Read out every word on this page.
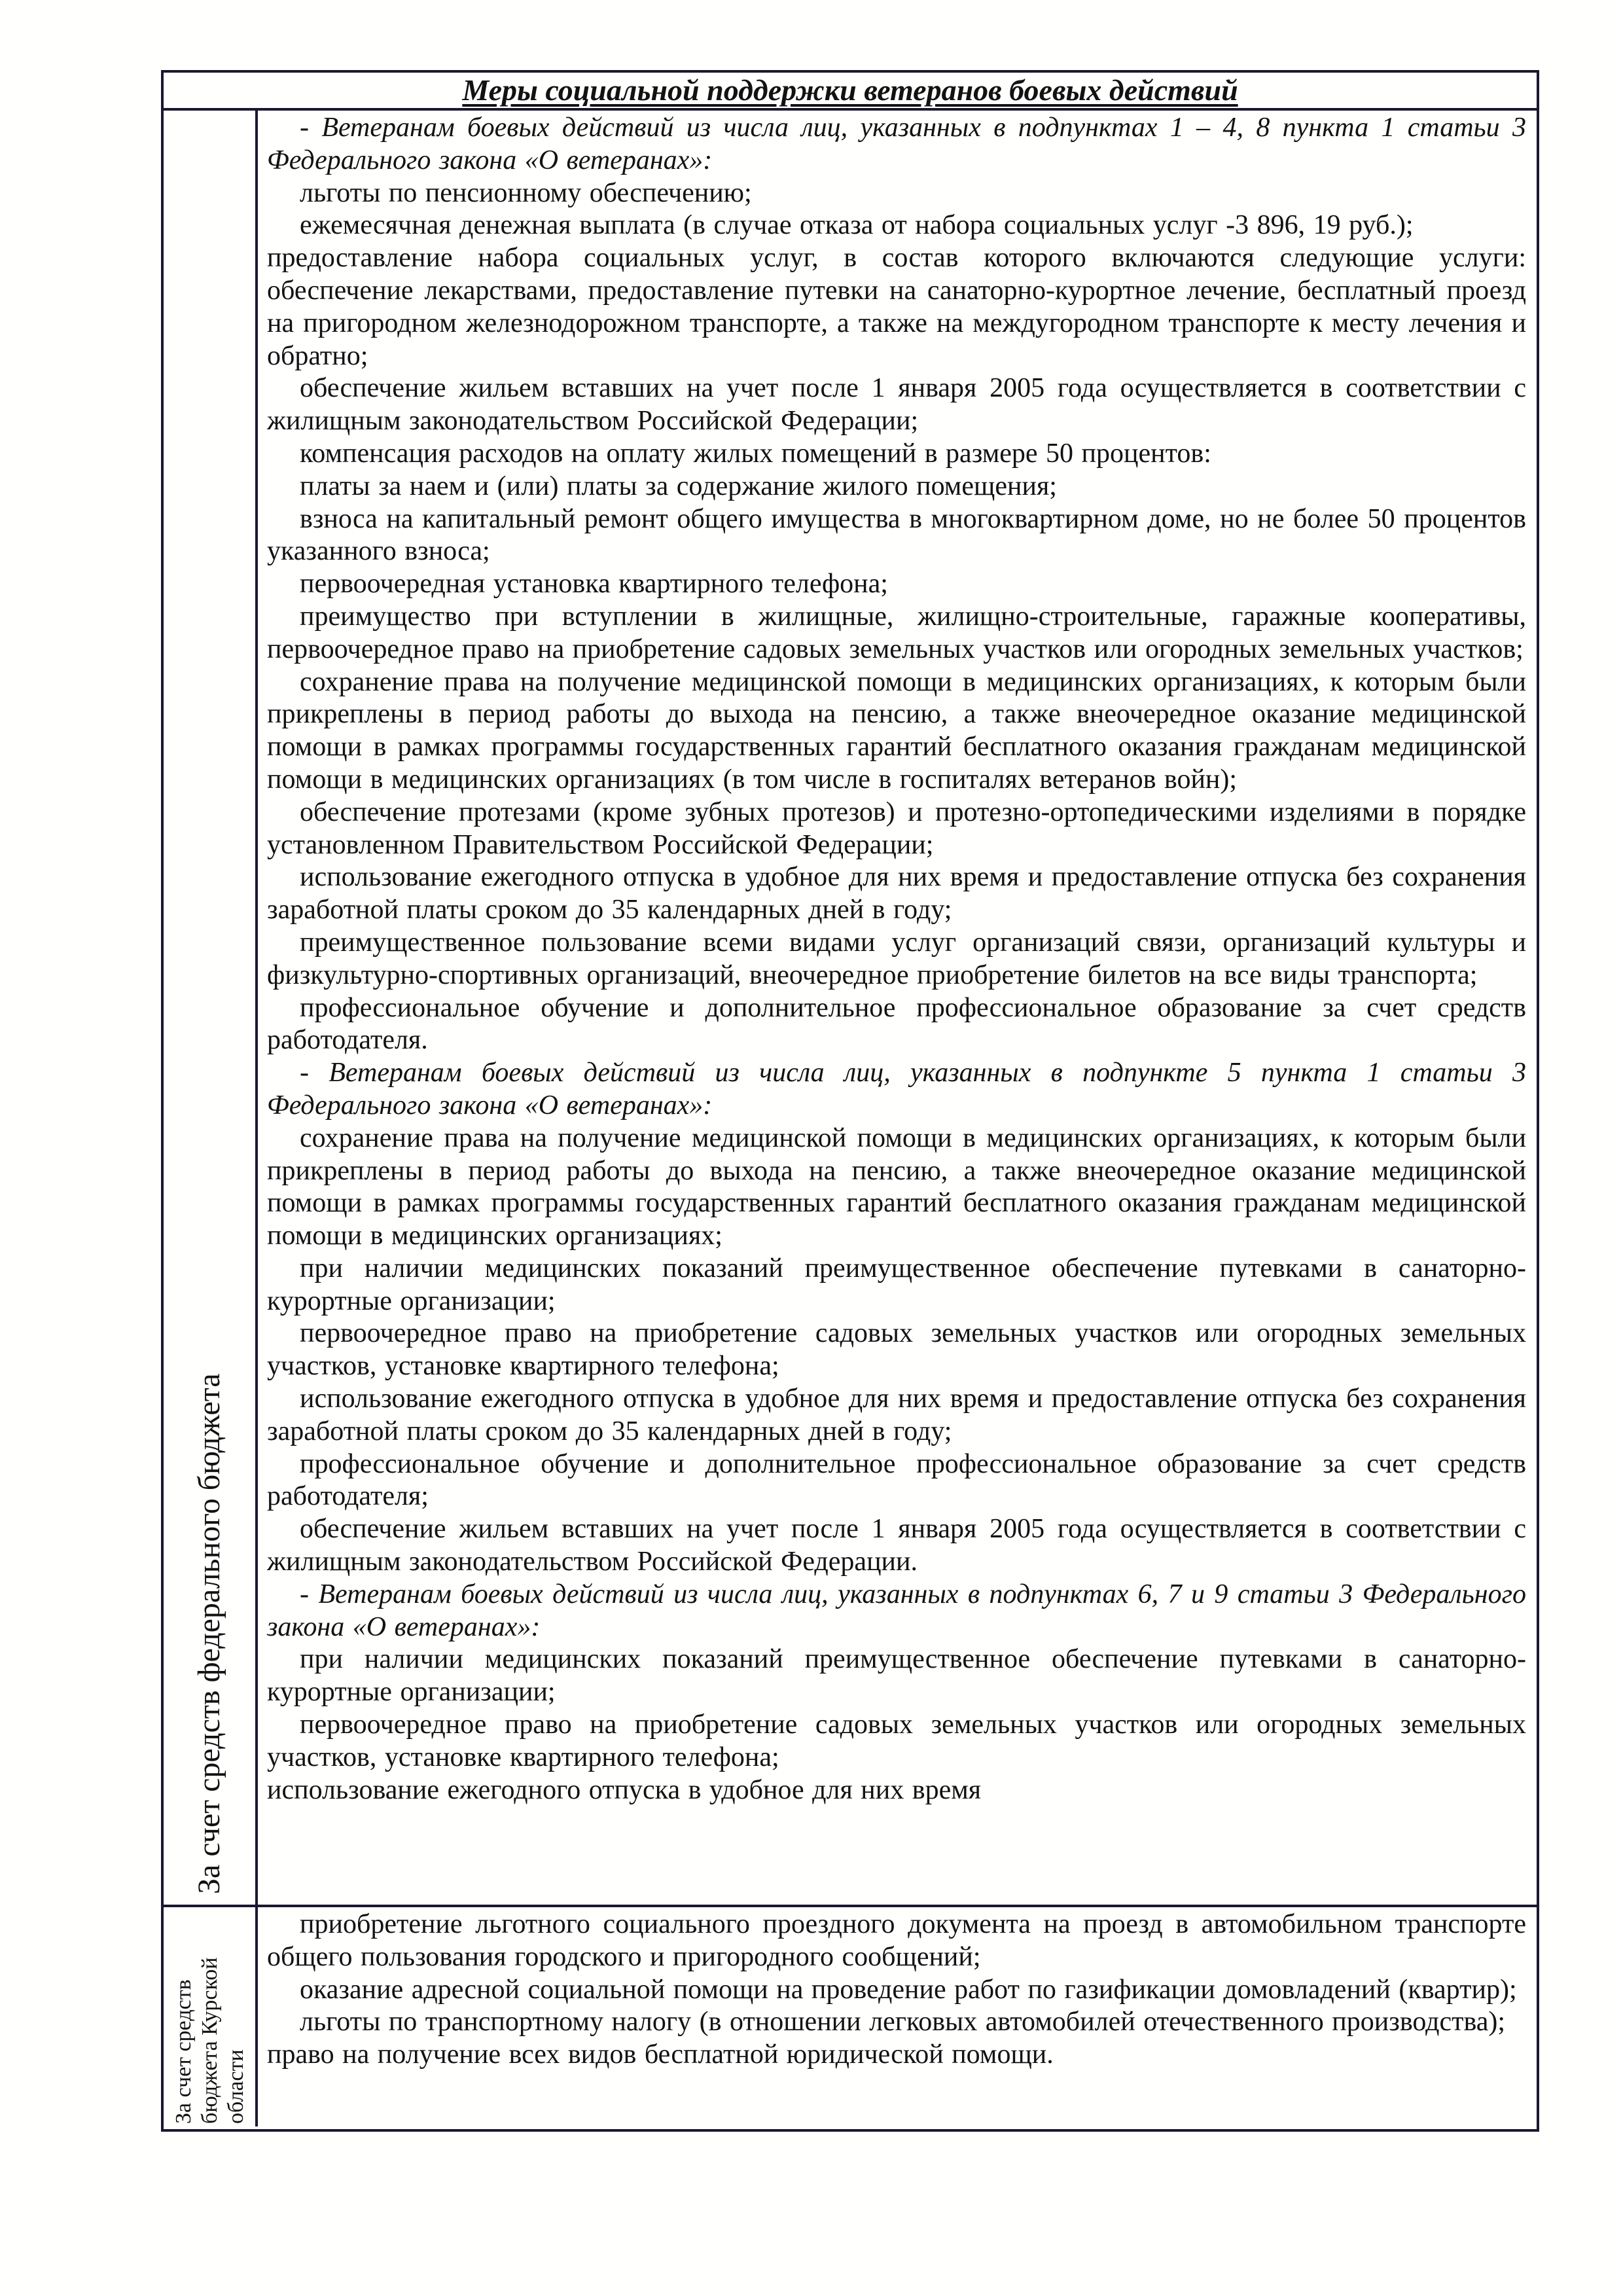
Меры социальной поддержки ветеранов боевых действий
За счет средств федерального бюджета

- Ветеранам боевых действий из числа лиц, указанных в подпунктах 1 – 4, 8 пункта 1 статьи 3 Федерального закона «О ветеранах»:

льготы по пенсионному обеспечению;

ежемесячная денежная выплата (в случае отказа от набора социальных услуг -3 896, 19 руб.);

предоставление набора социальных услуг, в состав которого включаются следующие услуги: обеспечение лекарствами, предоставление путевки на санаторно-курортное лечение, бесплатный проезд на пригородном железнодорожном транспорте, а также на междугородном транспорте к месту лечения и обратно;

обеспечение жильем вставших на учет после 1 января 2005 года осуществляется в соответствии с жилищным законодательством Российской Федерации;

компенсация расходов на оплату жилых помещений в размере 50 процентов:

платы за наем и (или) платы за содержание жилого помещения;

взноса на капитальный ремонт общего имущества в многоквартирном доме, но не более 50 процентов указанного взноса;

первоочередная установка квартирного телефона;

преимущество при вступлении в жилищные, жилищно-строительные, гаражные кооперативы, первоочередное право на приобретение садовых земельных участков или огородных земельных участков;

сохранение права на получение медицинской помощи в медицинских организациях, к которым были прикреплены в период работы до выхода на пенсию, а также внеочередное оказание медицинской помощи в рамках программы государственных гарантий бесплатного оказания гражданам медицинской помощи в медицинских организациях (в том числе в госпиталях ветеранов войн);

обеспечение протезами (кроме зубных протезов) и протезно-ортопедическими изделиями в порядке установленном Правительством Российской Федерации;

использование ежегодного отпуска в удобное для них время и предоставление отпуска без сохранения заработной платы сроком до 35 календарных дней в году;

преимущественное пользование всеми видами услуг организаций связи, организаций культуры и физкультурно-спортивных организаций, внеочередное приобретение билетов на все виды транспорта;

профессиональное обучение и дополнительное профессиональное образование за счет средств работодателя.

- Ветеранам боевых действий из числа лиц, указанных в подпункте 5 пункта 1 статьи 3 Федерального закона «О ветеранах»:

сохранение права на получение медицинской помощи в медицинских организациях, к которым были прикреплены в период работы до выхода на пенсию, а также внеочередное оказание медицинской помощи в рамках программы государственных гарантий бесплатного оказания гражданам медицинской помощи в медицинских организациях;

при наличии медицинских показаний преимущественное обеспечение путевками в санаторно-курортные организации;

первоочередное право на приобретение садовых земельных участков или огородных земельных участков, установке квартирного телефона;

использование ежегодного отпуска в удобное для них время и предоставление отпуска без сохранения заработной платы сроком до 35 календарных дней в году;

профессиональное обучение и дополнительное профессиональное образование за счет средств работодателя;

обеспечение жильем вставших на учет после 1 января 2005 года осуществляется в соответствии с жилищным законодательством Российской Федерации.

- Ветеранам боевых действий из числа лиц, указанных в подпунктах 6, 7 и 9 статьи 3 Федерального закона «О ветеранах»:

при наличии медицинских показаний преимущественное обеспечение путевками в санаторно-курортные организации;

первоочередное право на приобретение садовых земельных участков или огородных земельных участков, установке квартирного телефона;

использование ежегодного отпуска в удобное для них время

За счет средств бюджета Курской области

приобретение льготного социального проездного документа на проезд в автомобильном транспорте общего пользования городского и пригородного сообщений;

оказание адресной социальной помощи на проведение работ по газификации домовладений (квартир);

льготы по транспортному налогу (в отношении легковых автомобилей отечественного производства);

право на получение всех видов бесплатной юридической помощи.
